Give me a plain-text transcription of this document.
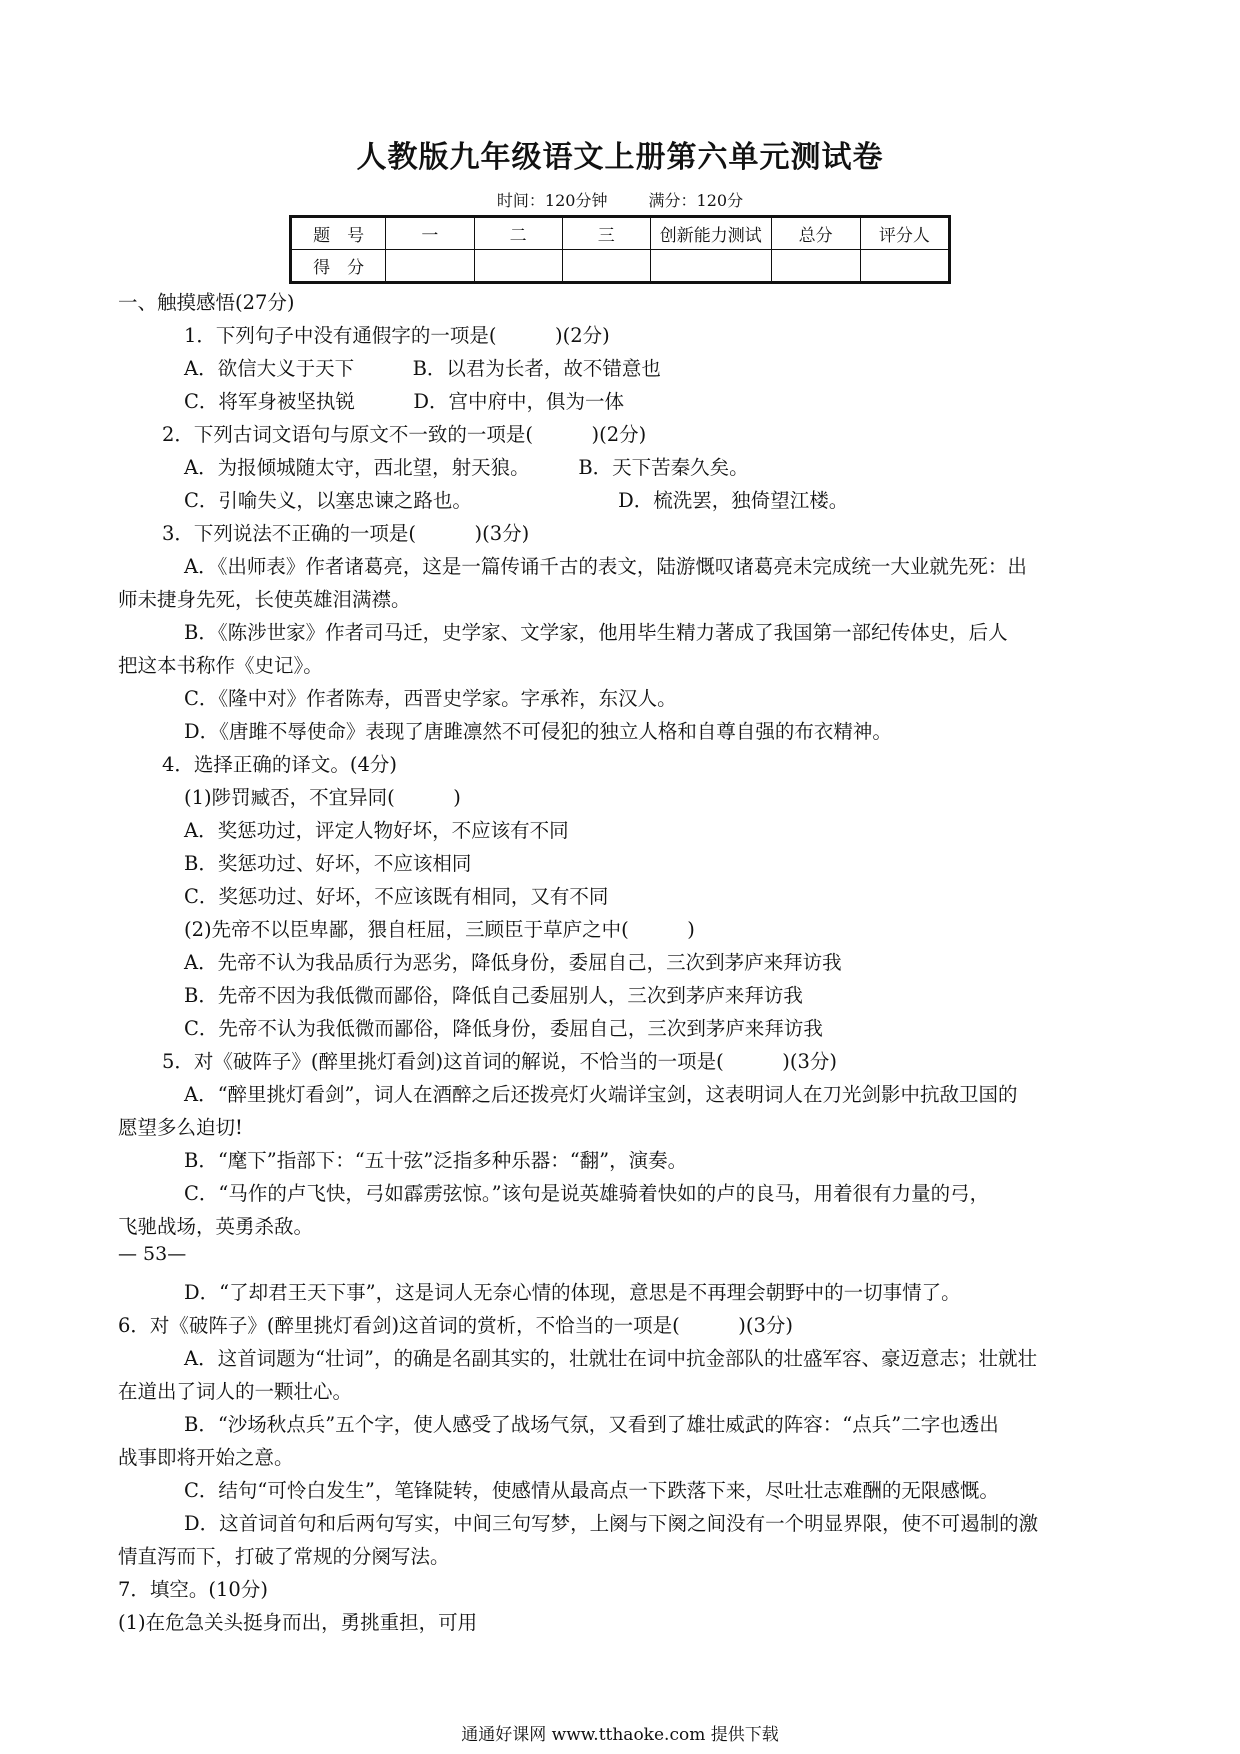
人教版九年级语文上册第六单元测试卷
时间：120分钟	满分：120分
题　号	一	二	三	创新能力测试	总分	评分人
得　分						
一、触摸感悟(27分)
1．下列句子中没有通假字的一项是(　　　)(2分)
A．欲信大义于天下　　　B．以君为长者，故不错意也
C．将军身被坚执锐　　　D．宫中府中，俱为一体
2．下列古词文语句与原文不一致的一项是(　　　)(2分)
A．为报倾城随太守，西北望，射天狼。　　　B．天下苦秦久矣。
C．引喻失义，以塞忠谏之路也。　　　　　　　　D．梳洗罢，独倚望江楼。
3．下列说法不正确的一项是(　　　)(3分)
A．《出师表》作者诸葛亮，这是一篇传诵千古的表文，陆游慨叹诸葛亮未完成统一大业就先死：出
师未捷身先死，长使英雄泪满襟。
B．《陈涉世家》作者司马迁，史学家、文学家，他用毕生精力著成了我国第一部纪传体史，后人
把这本书称作《史记》。
C．《隆中对》作者陈寿，西晋史学家。字承祚，东汉人。
D．《唐雎不辱使命》表现了唐雎凛然不可侵犯的独立人格和自尊自强的布衣精神。
4．选择正确的译文。(4分)
(1)陟罚臧否，不宜异同(　　　)
A．奖惩功过，评定人物好坏，不应该有不同
B．奖惩功过、好坏，不应该相同
C．奖惩功过、好坏，不应该既有相同，又有不同
(2)先帝不以臣卑鄙，猥自枉屈，三顾臣于草庐之中(　　　)
A．先帝不认为我品质行为恶劣，降低身份，委屈自己，三次到茅庐来拜访我
B．先帝不因为我低微而鄙俗，降低自己委屈别人，三次到茅庐来拜访我
C．先帝不认为我低微而鄙俗，降低身份，委屈自己，三次到茅庐来拜访我
5．对《破阵子》(醉里挑灯看剑)这首词的解说，不恰当的一项是(　　　)(3分)
A．“醉里挑灯看剑”，词人在酒醉之后还拨亮灯火端详宝剑，这表明词人在刀光剑影中抗敌卫国的
愿望多么迫切!
B．“麾下”指部下：“五十弦”泛指多种乐器：“翻”，演奏。
C．“马作的卢飞快，弓如霹雳弦惊。”该句是说英雄骑着快如的卢的良马，用着很有力量的弓，
飞驰战场，英勇杀敌。
— 53—
D．“了却君王天下事”，这是词人无奈心情的体现，意思是不再理会朝野中的一切事情了。
6．对《破阵子》(醉里挑灯看剑)这首词的赏析，不恰当的一项是(　　　)(3分)
A．这首词题为“壮词”，的确是名副其实的，壮就壮在词中抗金部队的壮盛军容、豪迈意志；壮就壮
在道出了词人的一颗壮心。
B．“沙场秋点兵”五个字，使人感受了战场气氛，又看到了雄壮威武的阵容：“点兵”二字也透出
战事即将开始之意。
C．结句“可怜白发生”，笔锋陡转，使感情从最高点一下跌落下来，尽吐壮志难酬的无限感慨。
D．这首词首句和后两句写实，中间三句写梦，上阕与下阕之间没有一个明显界限，使不可遏制的激
情直泻而下，打破了常规的分阕写法。
7．填空。(10分)
(1)在危急关头挺身而出，勇挑重担，可用
通通好课网 www.tthaoke.com 提供下载
